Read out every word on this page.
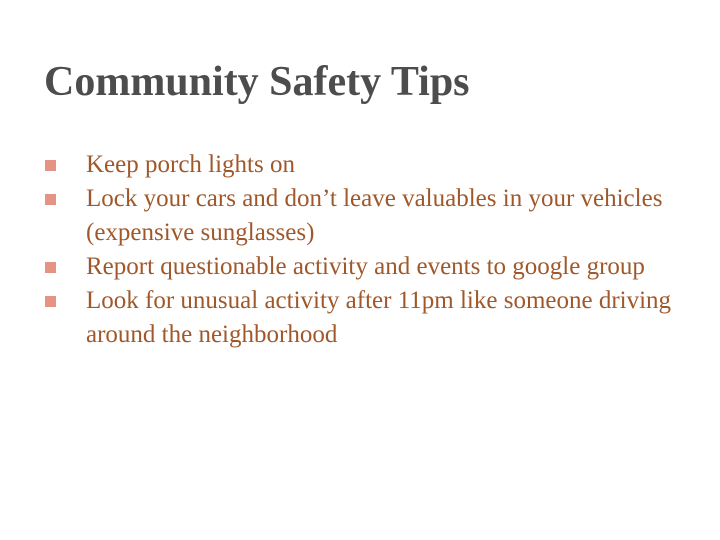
Community Safety Tips
Keep porch lights on
Lock your cars and don’t leave valuables in your vehicles (expensive sunglasses)
Report questionable activity and events to google group
Look for unusual activity after 11pm like someone driving around the neighborhood
